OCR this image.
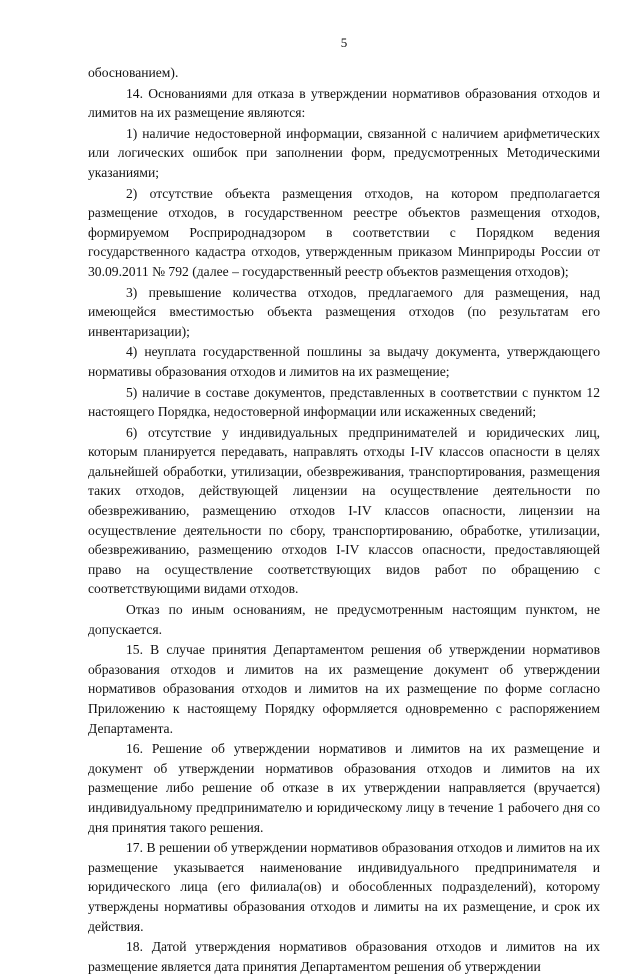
5

обоснованием).

14. Основаниями для отказа в утверждении нормативов образования отходов и лимитов на их размещение являются:

1) наличие недостоверной информации, связанной с наличием арифметических или логических ошибок при заполнении форм, предусмотренных Методическими указаниями;

2) отсутствие объекта размещения отходов, на котором предполагается размещение отходов, в государственном реестре объектов размещения отходов, формируемом Росприроднадзором в соответствии с Порядком ведения государственного кадастра отходов, утвержденным приказом Минприроды России от 30.09.2011 № 792 (далее – государственный реестр объектов размещения отходов);

3) превышение количества отходов, предлагаемого для размещения, над имеющейся вместимостью объекта размещения отходов (по результатам его инвентаризации);

4) неуплата государственной пошлины за выдачу документа, утверждающего нормативы образования отходов и лимитов на их размещение;

5) наличие в составе документов, представленных в соответствии с пунктом 12 настоящего Порядка, недостоверной информации или искаженных сведений;

6) отсутствие у индивидуальных предпринимателей и юридических лиц, которым планируется передавать, направлять отходы I-IV классов опасности в целях дальнейшей обработки, утилизации, обезвреживания, транспортирования, размещения таких отходов, действующей лицензии на осуществление деятельности по обезвреживанию, размещению отходов I-IV классов опасности, лицензии на осуществление деятельности по сбору, транспортированию, обработке, утилизации, обезвреживанию, размещению отходов I-IV классов опасности, предоставляющей право на осуществление соответствующих видов работ по обращению с соответствующими видами отходов.

Отказ по иным основаниям, не предусмотренным настоящим пунктом, не допускается.

15. В случае принятия Департаментом решения об утверждении нормативов образования отходов и лимитов на их размещение документ об утверждении нормативов образования отходов и лимитов на их размещение по форме согласно Приложению к настоящему Порядку оформляется одновременно с распоряжением Департамента.

16. Решение об утверждении нормативов и лимитов на их размещение и документ об утверждении нормативов образования отходов и лимитов на их размещение либо решение об отказе в их утверждении направляется (вручается) индивидуальному предпринимателю и юридическому лицу в течение 1 рабочего дня со дня принятия такого решения.

17. В решении об утверждении нормативов образования отходов и лимитов на их размещение указывается наименование индивидуального предпринимателя и юридического лица (его филиала(ов) и обособленных подразделений), которому утверждены нормативы образования отходов и лимиты на их размещение, и срок их действия.

18. Датой утверждения нормативов образования отходов и лимитов на их размещение является дата принятия Департаментом решения об утверждении
